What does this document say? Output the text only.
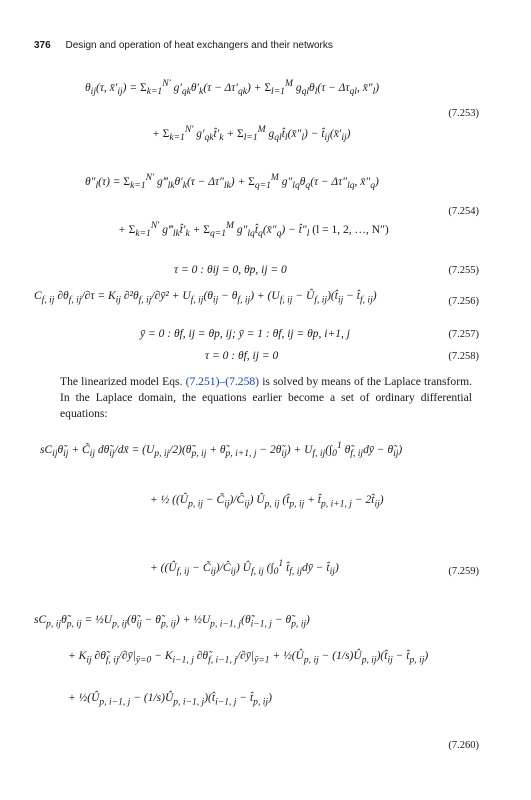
376 Design and operation of heat exchangers and their networks
$\theta_{ij}(\tau$, $x̄'_{ij}) = \Sigma_{k=1}^{N'}$ $g'_{qk}\theta'_k(\tau - \Delta\tau'_{qk}) + \Sigma_{l=1}^M$ $g_{ql}\theta_l(\tau - \Delta\tau_{ql}$, $x̄''_l$)
+ $\Sigma_{k=1}^{N'}$ $g'_{qk}t̂'_k + \Sigma_{l=1}^M$ $g_{ql}t̂_l(x̄''_l)$ − $t̂_{ij}(x̄'_{ij})$
(7.253)
$\theta''_l(\tau) = \Sigma_{k=1}^{N'}$ $g‴_{lk}\theta'_k(\tau - \Delta\tau''_{lk}) + \Sigma_{q=1}^M$ $g''_{lq}\theta_q(\tau - \Delta\tau''_{lq}$, $x̄''_q$)
+ $\Sigma_{k=1}^{N'}$ $g‴_{lk}t̂'_k + \Sigma_{q=1}^M$ $g''_{lq}t̂_q(x̄''_q)$ − $t̂''_l$ (l = 1, 2, …, N″)
(7.254)
τ = 0 : θij = 0, θp, ij = 0	(7.255)
$C_{f, ij}$ $\partial\theta_{f, ij}/\partial\tau = K_{ij}$ $\partial^2\theta_{f, ij}/\partial ȳ^2 + U_{f, ij}(\theta_{ij} - \theta_{f, ij}) + (U_{f, ij}$ − $Û_{f, ij})(t̂_{ij}$ − $t̂_{f, ij}$)	(7.256)
ȳ = 0 : θf, ij = θp, ij; ȳ = 1 : θf, ij = θp, i+1, j	(7.257)
τ = 0 : θf, ij = 0	(7.258)
The linearized model Eqs. (7.251)–(7.258) is solved by means of the Laplace transform. In the Laplace domain, the equations earlier become a set of ordinary differential equations:
$sC_{ij}\thetã_{ij}$ + $C̃_{ij}$ $d\thetã_{ij}/dx̄$ = $(U_{p, ij}/2)(\thetã_{p, ij}$ + $\thetã_{p, i+1, j}$ − $2\thetã_{ij}) + U_{f, ij}(\int_0^1$ $\thetã_{f, ij}dȳ$ − $\thetã_{ij}$)
+ ½ (($Û_{p, ij}$ − $C̃_{ij})/Ĉ_{ij}$) $Û_{p, ij}$ ($t̂_{p, ij}$ + $t̂_{p, i+1, j}$ − $2t̂_{ij}$)
+ (($Û_{f, ij}$ − $C̃_{ij})/Ĉ_{ij}$) $Û_{f, ij}$ ($\int_0^1$ $t̂_{f, ij}dȳ$ − $t̂_{ij}$)	(7.259)
$sC_{p, ij}\thetã_{p, ij}$ = $\frac{1}{2}U_{p, ij}(\thetã_{ij}$ − $\thetã_{p, ij}$) + $\frac{1}{2}U_{p, i-1, j}(\thetã_{i-1, j}$ − $\thetã_{p, ij}$)
+ $K_{ij}$ $\partial\thetã_{f, ij}/\partial ȳ|_{ȳ=0} - K_{i-1, j}$ $\partial\thetã_{f, i-1, j}/\partial ȳ|_{ȳ=1}$ + $\frac{1}{2}(Û_{p, ij}$ − $(1/s)Û_{p, ij})(t̂_{ij}$ − $t̂_{p, ij}$)
+ $\frac{1}{2}(Û_{p, i-1, j}$ − $(1/s)Û_{p, i-1, j})(t̂_{i-1, j}$ − $t̂_{p, ij}$)
(7.260)
